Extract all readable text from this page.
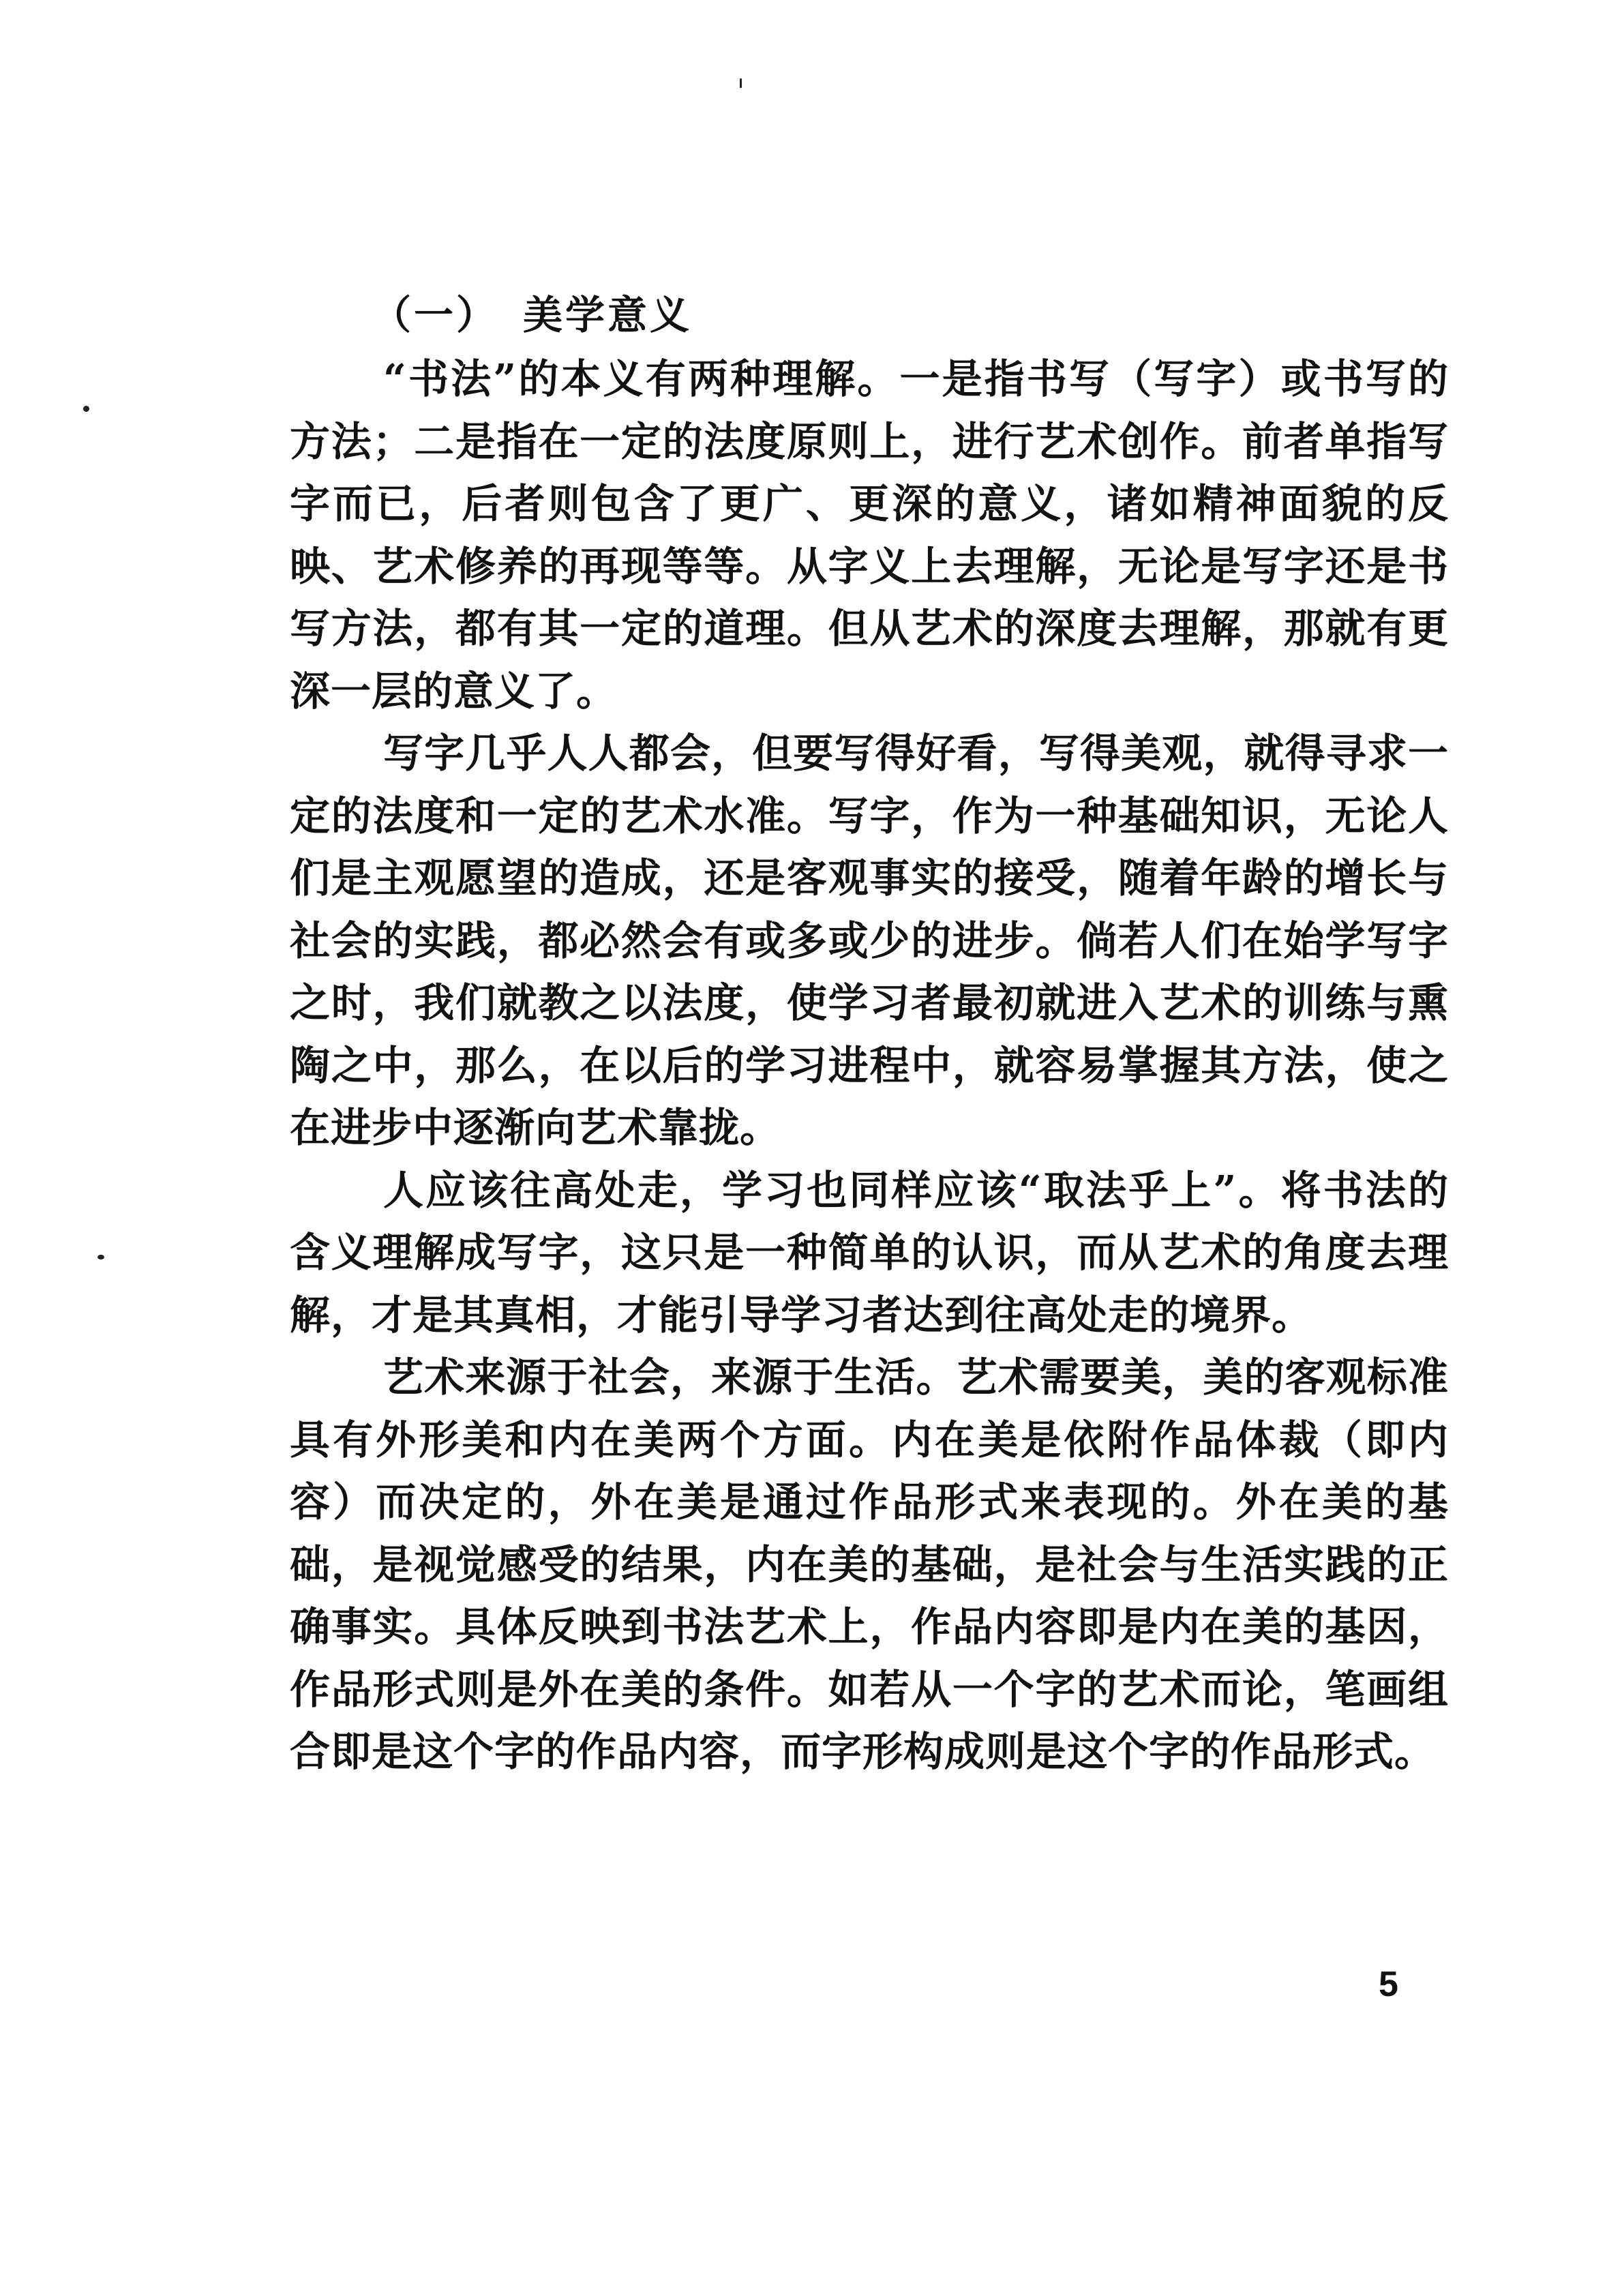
（一） 美学意义

“书法”的本义有两种理解。一是指书写（写字）或书写的方法；二是指在一定的法度原则上，进行艺术创作。前者单指写字而已，后者则包含了更广、更深的意义，诸如精神面貌的反映、艺术修养的再现等等。从字义上去理解，无论是写字还是书写方法，都有其一定的道理。但从艺术的深度去理解，那就有更深一层的意义了。

写字几乎人人都会，但要写得好看，写得美观，就得寻求一定的法度和一定的艺术水准。写字，作为一种基础知识，无论人们是主观愿望的造成，还是客观事实的接受，随着年龄的增长与社会的实践，都必然会有或多或少的进步。倘若人们在始学写字之时，我们就教之以法度，使学习者最初就进入艺术的训练与熏陶之中，那么，在以后的学习进程中，就容易掌握其方法，使之在进步中逐渐向艺术靠拢。

人应该往高处走，学习也同样应该“取法乎上”。将书法的含义理解成写字，这只是一种简单的认识，而从艺术的角度去理解，才是其真相，才能引导学习者达到往高处走的境界。

艺术来源于社会，来源于生活。艺术需要美，美的客观标准具有外形美和内在美两个方面。内在美是依附作品体裁（即内容）而决定的，外在美是通过作品形式来表现的。外在美的基础，是视觉感受的结果，内在美的基础，是社会与生活实践的正确事实。具体反映到书法艺术上，作品内容即是内在美的基因，作品形式则是外在美的条件。如若从一个字的艺术而论，笔画组合即是这个字的作品内容，而字形构成则是这个字的作品形式。

5
